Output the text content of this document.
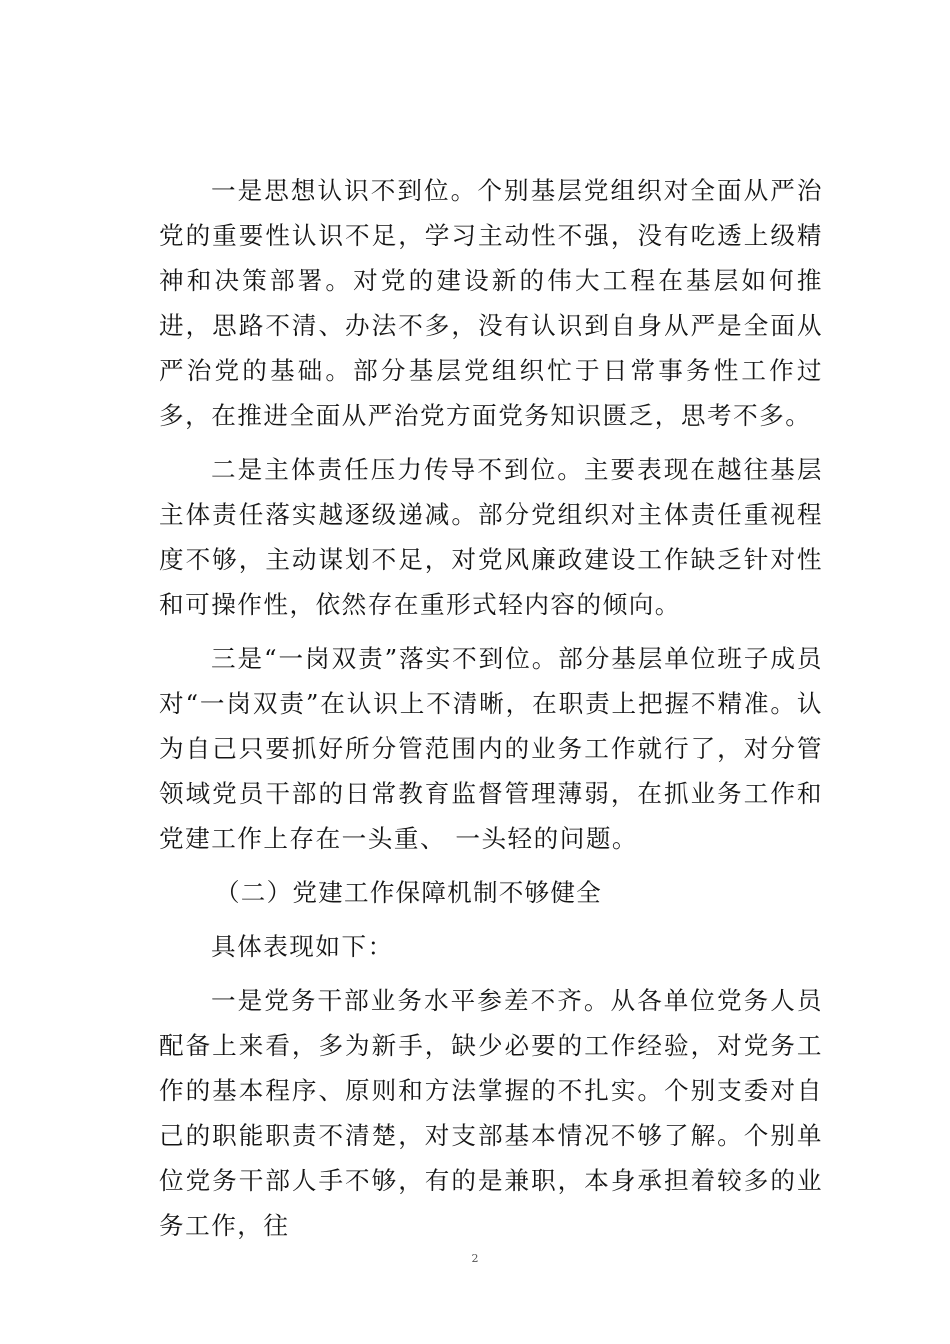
一是思想认识不到位。个别基层党组织对全面从严治党的重要性认识不足，学习主动性不强，没有吃透上级精神和决策部署。对党的建设新的伟大工程在基层如何推进，思路不清、办法不多，没有认识到自身从严是全面从严治党的基础。部分基层党组织忙于日常事务性工作过多，在推进全面从严治党方面党务知识匮乏，思考不多。

二是主体责任压力传导不到位。主要表现在越往基层主体责任落实越逐级递减。部分党组织对主体责任重视程度不够，主动谋划不足，对党风廉政建设工作缺乏针对性和可操作性，依然存在重形式轻内容的倾向。

三是“一岗双责”落实不到位。部分基层单位班子成员对“一岗双责”在认识上不清晰，在职责上把握不精准。认为自己只要抓好所分管范围内的业务工作就行了，对分管领域党员干部的日常教育监督管理薄弱，在抓业务工作和党建工作上存在一头重、 一头轻的问题。

（二）党建工作保障机制不够健全

具体表现如下：

一是党务干部业务水平参差不齐。从各单位党务人员配备上来看，多为新手，缺少必要的工作经验，对党务工作的基本程序、原则和方法掌握的不扎实。个别支委对自己的职能职责不清楚，对支部基本情况不够了解。个别单位党务干部人手不够，有的是兼职，本身承担着较多的业务工作，往

2
